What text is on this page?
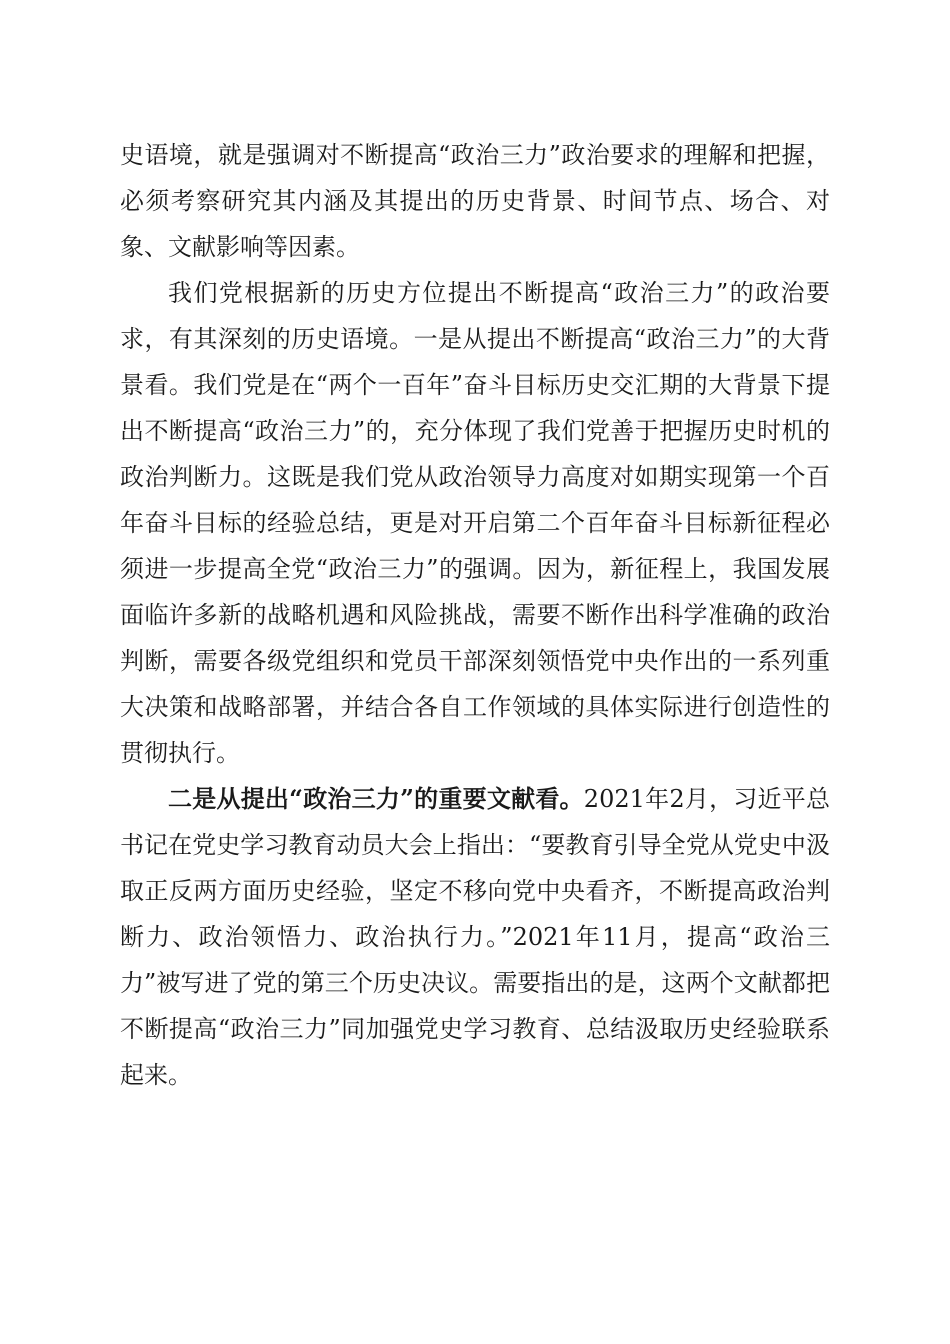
史语境，就是强调对不断提高“政治三力”政治要求的理解和把握，必须考察研究其内涵及其提出的历史背景、时间节点、场合、对象、文献影响等因素。

我们党根据新的历史方位提出不断提高“政治三力”的政治要求，有其深刻的历史语境。一是从提出不断提高“政治三力”的大背景看。我们党是在“两个一百年”奋斗目标历史交汇期的大背景下提出不断提高“政治三力”的，充分体现了我们党善于把握历史时机的政治判断力。这既是我们党从政治领导力高度对如期实现第一个百年奋斗目标的经验总结，更是对开启第二个百年奋斗目标新征程必须进一步提高全党“政治三力”的强调。因为，新征程上，我国发展面临许多新的战略机遇和风险挑战，需要不断作出科学准确的政治判断，需要各级党组织和党员干部深刻领悟党中央作出的一系列重大决策和战略部署，并结合各自工作领域的具体实际进行创造性的贯彻执行。

二是从提出“政治三力”的重要文献看。2021年2月，习近平总书记在党史学习教育动员大会上指出：“要教育引导全党从党史中汲取正反两方面历史经验，坚定不移向党中央看齐，不断提高政治判断力、政治领悟力、政治执行力。”2021年11月，提高“政治三力”被写进了党的第三个历史决议。需要指出的是，这两个文献都把不断提高“政治三力”同加强党史学习教育、总结汲取历史经验联系起来。
